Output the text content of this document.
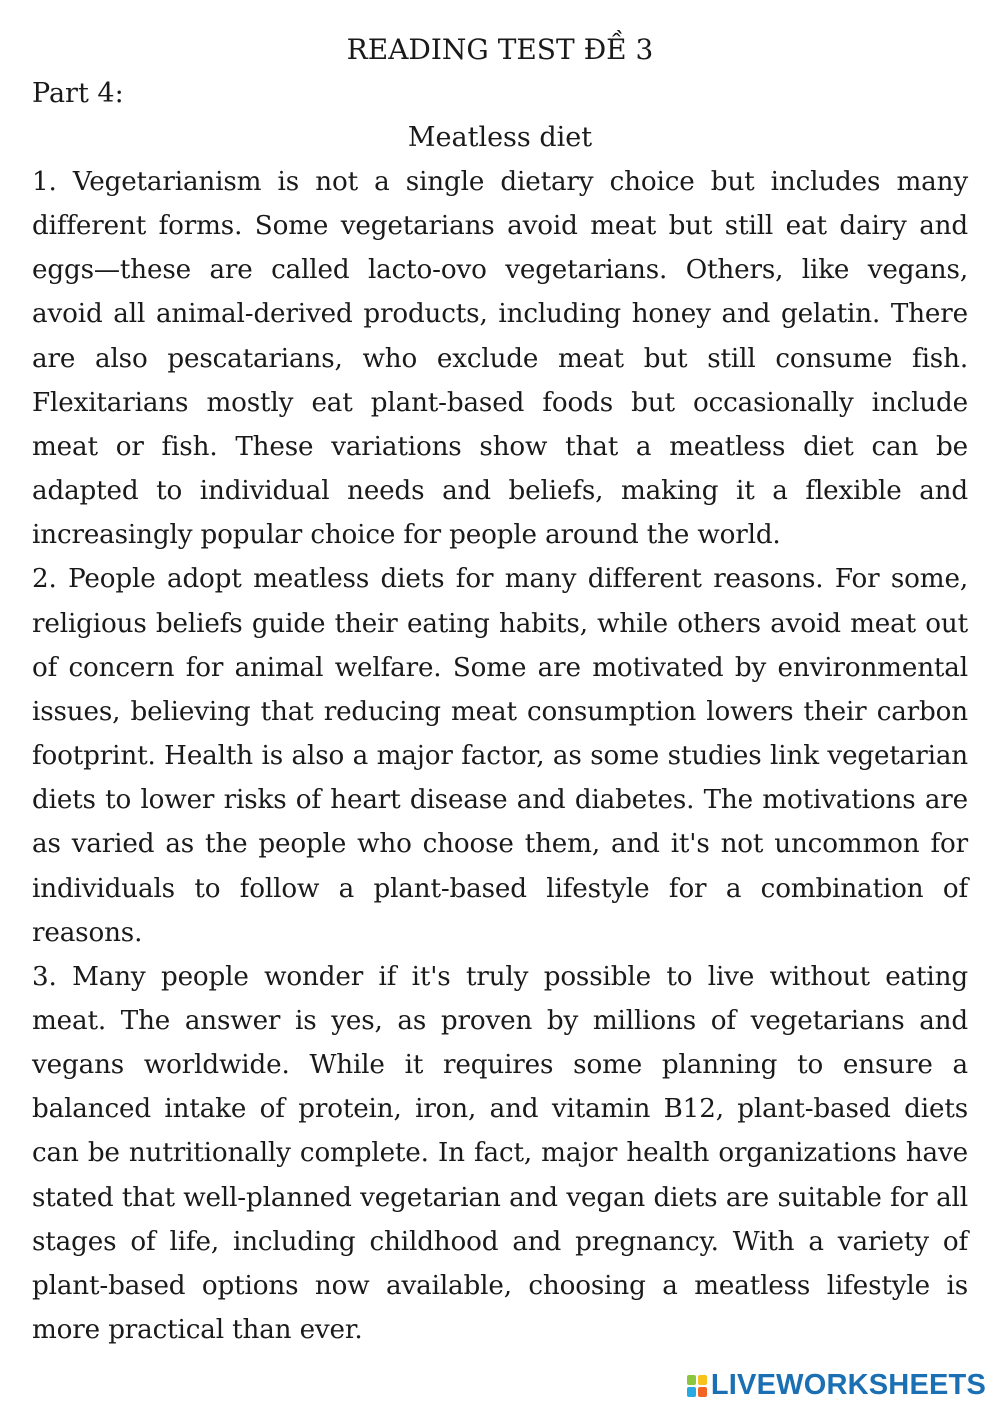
READING TEST ĐỀ 3

Part 4:

Meatless diet

1. Vegetarianism is not a single dietary choice but includes many different forms. Some vegetarians avoid meat but still eat dairy and eggs—these are called lacto-ovo vegetarians. Others, like vegans, avoid all animal-derived products, including honey and gelatin. There are also pescatarians, who exclude meat but still consume fish. Flexitarians mostly eat plant-based foods but occasionally include meat or fish. These variations show that a meatless diet can be adapted to individual needs and beliefs, making it a flexible and increasingly popular choice for people around the world.

2. People adopt meatless diets for many different reasons. For some, religious beliefs guide their eating habits, while others avoid meat out of concern for animal welfare. Some are motivated by environmental issues, believing that reducing meat consumption lowers their carbon footprint. Health is also a major factor, as some studies link vegetarian diets to lower risks of heart disease and diabetes. The motivations are as varied as the people who choose them, and it's not uncommon for individuals to follow a plant-based lifestyle for a combination of reasons.

3. Many people wonder if it's truly possible to live without eating meat. The answer is yes, as proven by millions of vegetarians and vegans worldwide. While it requires some planning to ensure a balanced intake of protein, iron, and vitamin B12, plant-based diets can be nutritionally complete. In fact, major health organizations have stated that well-planned vegetarian and vegan diets are suitable for all stages of life, including childhood and pregnancy. With a variety of plant-based options now available, choosing a meatless lifestyle is more practical than ever.

LIVEWORKSHEETS
